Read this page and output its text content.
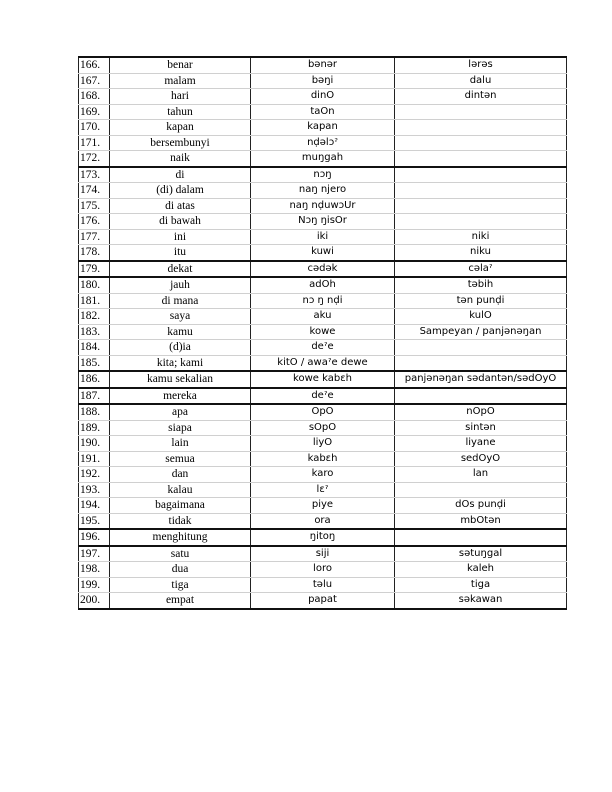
166.	benar	bənər	lərəs
167.	malam	bəŋi	dalu
168.	hari	dinO	dintən
169.	tahun	taOn	
170.	kapan	kapan	
171.	bersembunyi	nḍəlɔˀ	
172.	naik	muŋgah	
173.	di	nɔŋ	
174.	(di) dalam	naŋ njero	
175.	di atas	naŋ nḍuwɔUr	
176.	di bawah	Nɔŋ ŋisOr	
177.	ini	iki	niki
178.	itu	kuwi	niku
179.	dekat	cədək	cəlaˀ
180.	jauh	adOh	təbih
181.	di mana	nɔ ŋ nḍi	tən punḍi
182.	saya	aku	kulO
183.	kamu	kowe	Sampeyan / panjənəŋan
184.	(d)ia	deˀe	
185.	kita; kami	kitO / awaˀe dewe	
186.	kamu sekalian	kowe kabɛh	panjənəŋan sədantən/sədOyO
187.	mereka	deˀe	
188.	apa	OpO	nOpO
189.	siapa	sOpO	sintən
190.	lain	liyO	liyane
191.	semua	kabɛh	sedOyO
192.	dan	karo	lan
193.	kalau	lɛˀ	
194.	bagaimana	piye	dOs punḍi
195.	tidak	ora	mbOtən
196.	menghitung	ŋitoŋ	
197.	satu	siji	sətuŋgal
198.	dua	loro	kaleh
199.	tiga	təlu	tiga
200.	empat	papat	səkawan
